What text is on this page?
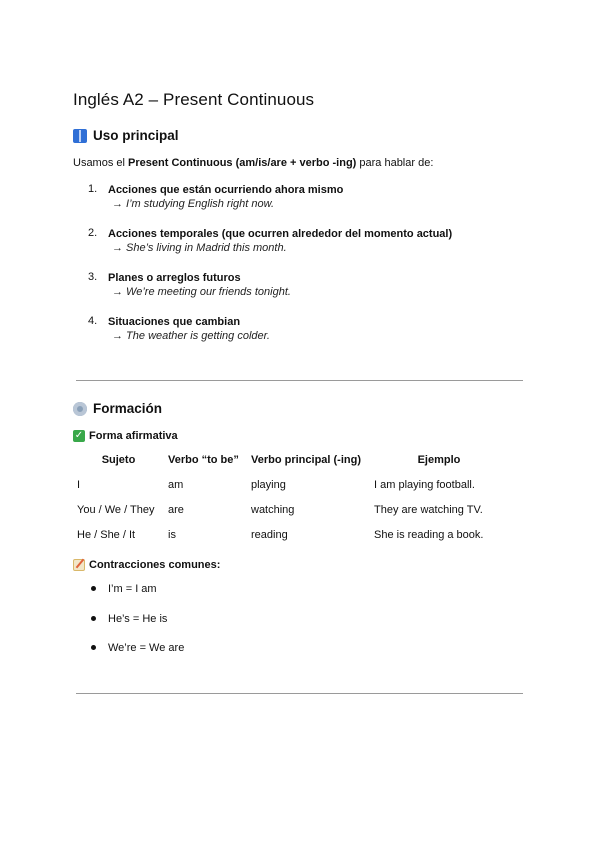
Inglés A2 – Present Continuous
Uso principal

Usamos el Present Continuous (am/is/are + verbo -ing) para hablar de:

1. Acciones que están ocurriendo ahora mismo
→ I’m studying English right now.
2. Acciones temporales (que ocurren alrededor del momento actual)
→ She’s living in Madrid this month.
3. Planes o arreglos futuros
→ We’re meeting our friends tonight.
4. Situaciones que cambian
→ The weather is getting colder.
Formación
✓ Forma afirmativa
Sujeto	Verbo “to be”	Verbo principal (-ing)	Ejemplo
I	am	playing	I am playing football.
You / We / They	are	watching	They are watching TV.
He / She / It	is	reading	She is reading a book.
Contracciones comunes:
I’m = I am
He’s = He is
We’re = We are
